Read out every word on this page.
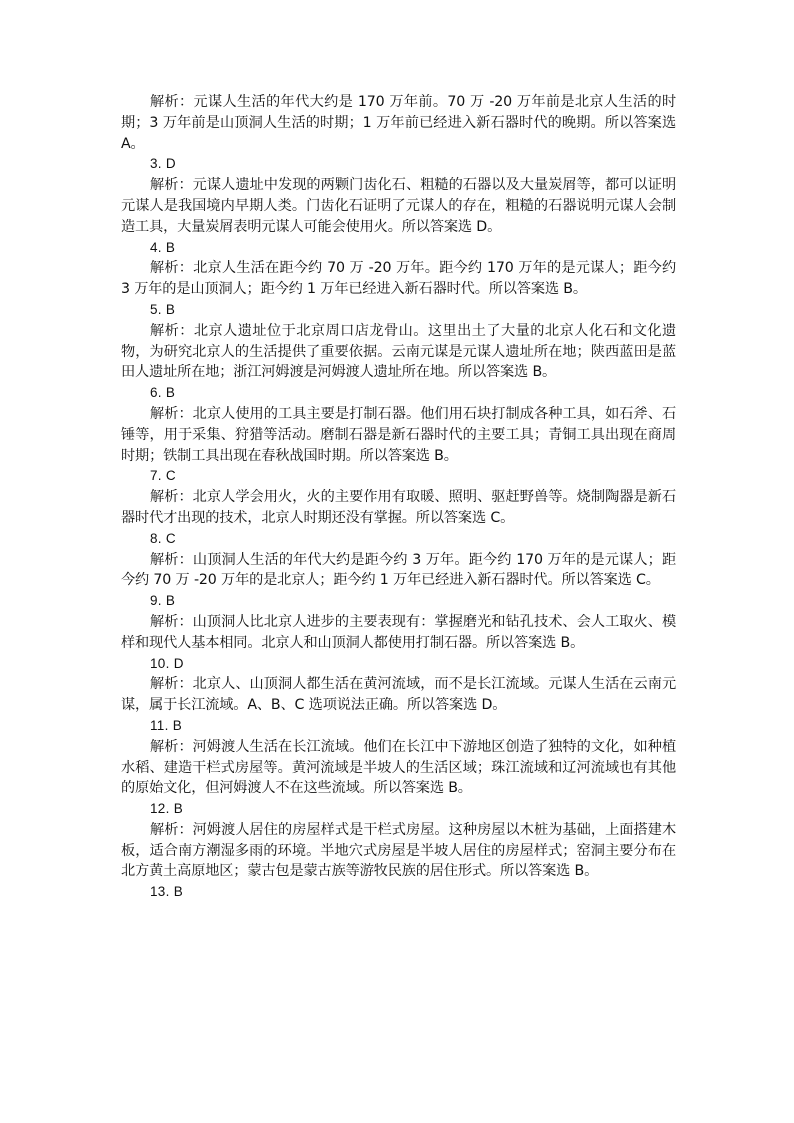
解析：元谋人生活的年代大约是 170 万年前。70 万 -20 万年前是北京人生活的时期；3 万年前是山顶洞人生活的时期；1 万年前已经进入新石器时代的晚期。所以答案选 A。

3. D

解析：元谋人遗址中发现的两颗门齿化石、粗糙的石器以及大量炭屑等，都可以证明元谋人是我国境内早期人类。门齿化石证明了元谋人的存在，粗糙的石器说明元谋人会制造工具，大量炭屑表明元谋人可能会使用火。所以答案选 D。

4. B

解析：北京人生活在距今约 70 万 -20 万年。距今约 170 万年的是元谋人；距今约 3 万年的是山顶洞人；距今约 1 万年已经进入新石器时代。所以答案选 B。

5. B

解析：北京人遗址位于北京周口店龙骨山。这里出土了大量的北京人化石和文化遗物，为研究北京人的生活提供了重要依据。云南元谋是元谋人遗址所在地；陕西蓝田是蓝田人遗址所在地；浙江河姆渡是河姆渡人遗址所在地。所以答案选 B。

6. B

解析：北京人使用的工具主要是打制石器。他们用石块打制成各种工具，如石斧、石锤等，用于采集、狩猎等活动。磨制石器是新石器时代的主要工具；青铜工具出现在商周时期；铁制工具出现在春秋战国时期。所以答案选 B。

7. C

解析：北京人学会用火，火的主要作用有取暖、照明、驱赶野兽等。烧制陶器是新石器时代才出现的技术，北京人时期还没有掌握。所以答案选 C。

8. C

解析：山顶洞人生活的年代大约是距今约 3 万年。距今约 170 万年的是元谋人；距今约 70 万 -20 万年的是北京人；距今约 1 万年已经进入新石器时代。所以答案选 C。

9. B

解析：山顶洞人比北京人进步的主要表现有：掌握磨光和钻孔技术、会人工取火、模样和现代人基本相同。北京人和山顶洞人都使用打制石器。所以答案选 B。

10. D

解析：北京人、山顶洞人都生活在黄河流域，而不是长江流域。元谋人生活在云南元谋，属于长江流域。A、B、C 选项说法正确。所以答案选 D。

11. B

解析：河姆渡人生活在长江流域。他们在长江中下游地区创造了独特的文化，如种植水稻、建造干栏式房屋等。黄河流域是半坡人的生活区域；珠江流域和辽河流域也有其他的原始文化，但河姆渡人不在这些流域。所以答案选 B。

12. B

解析：河姆渡人居住的房屋样式是干栏式房屋。这种房屋以木桩为基础，上面搭建木板，适合南方潮湿多雨的环境。半地穴式房屋是半坡人居住的房屋样式；窑洞主要分布在北方黄土高原地区；蒙古包是蒙古族等游牧民族的居住形式。所以答案选 B。

13. B
